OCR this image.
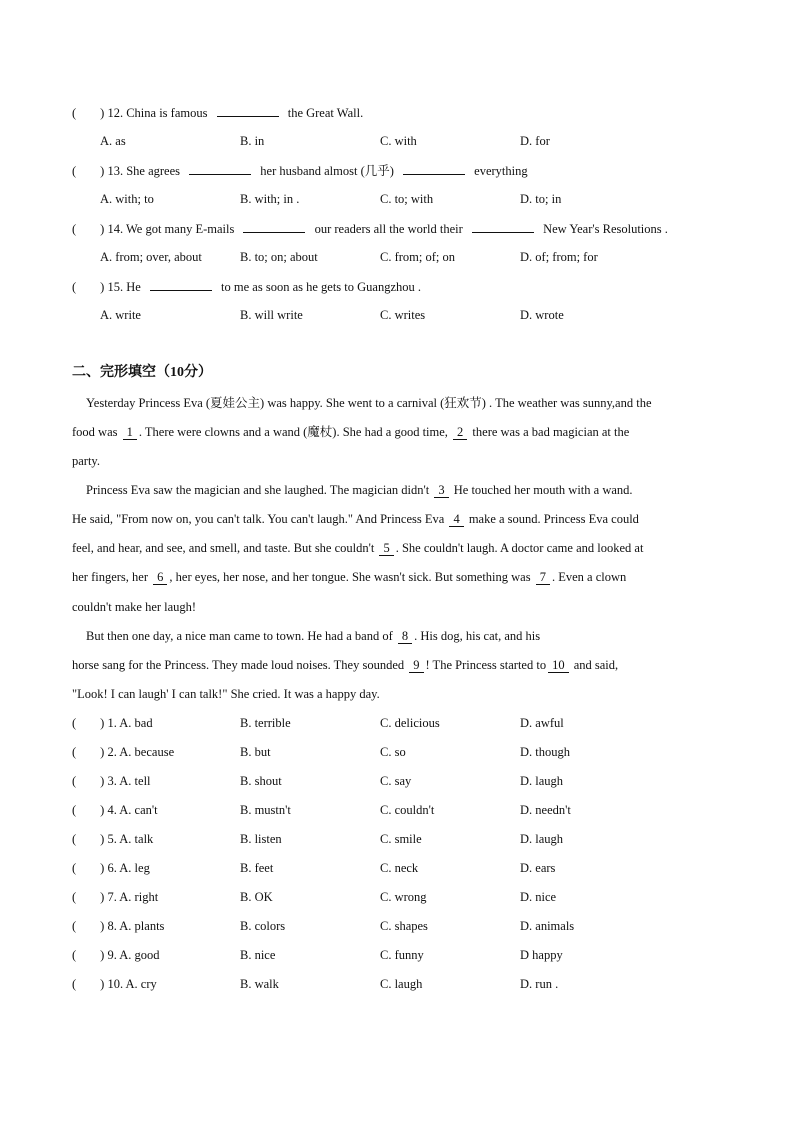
( ) 12. China is famous	the Great Wall.
A. as	B. in	C. with	D. for
( ) 13. She agrees	her husband almost (几乎)	everything
A. with; to	B. with; in .	C. to; with	D. to; in
( ) 14. We got many E-mails	our readers all the world their	New Year's Resolutions .
A. from; over, about	B. to; on; about	C. from; of; on	D. of; from; for
( ) 15. He	to me as soon as he gets to Guangzhou .
A. write	B. will write	C. writes	D. wrote
二、完形填空（10分）
Yesterday Princess Eva (夏娃公主) was happy. She went to a carnival (狂欢节) . The weather was sunny,and the
food was 1 . There were clowns and a wand (魔杖). She had a good time, 2 there was a bad magician at the
party.
Princess Eva saw the magician and she laughed. The magician didn't 3 He touched her mouth with a wand.
He said, "From now on, you can't talk. You can't laugh." And Princess Eva 4 make a sound. Princess Eva could
feel, and hear, and see, and smell, and taste. But she couldn't 5 . She couldn't laugh. A doctor came and looked at
her fingers, her 6 , her eyes, her nose, and her tongue. She wasn't sick. But something was 7 . Even a clown
couldn't make her laugh!
But then one day, a nice man came to town. He had a band of 8 . His dog, his cat, and his
horse sang for the Princess. They made loud noises. They sounded 9 ! The Princess started to 10 and said,
"Look! I can laugh' I can talk!" She cried. It was a happy day.
( ) 1. A. bad	B. terrible	C. delicious	D. awful
( ) 2. A. because	B. but	C. so	D. though
( ) 3. A. tell	B. shout	C. say	D. laugh
( ) 4. A. can't	B. mustn't	C. couldn't	D. needn't
( ) 5. A. talk	B. listen	C. smile	D. laugh
( ) 6. A. leg	B. feet	C. neck	D. ears
( ) 7. A. right	B. OK	C. wrong	D. nice
( ) 8. A. plants	B. colors	C. shapes	D. animals
( ) 9. A. good	B. nice	C. funny	D happy
( ) 10. A. cry	B. walk	C. laugh	D. run .
